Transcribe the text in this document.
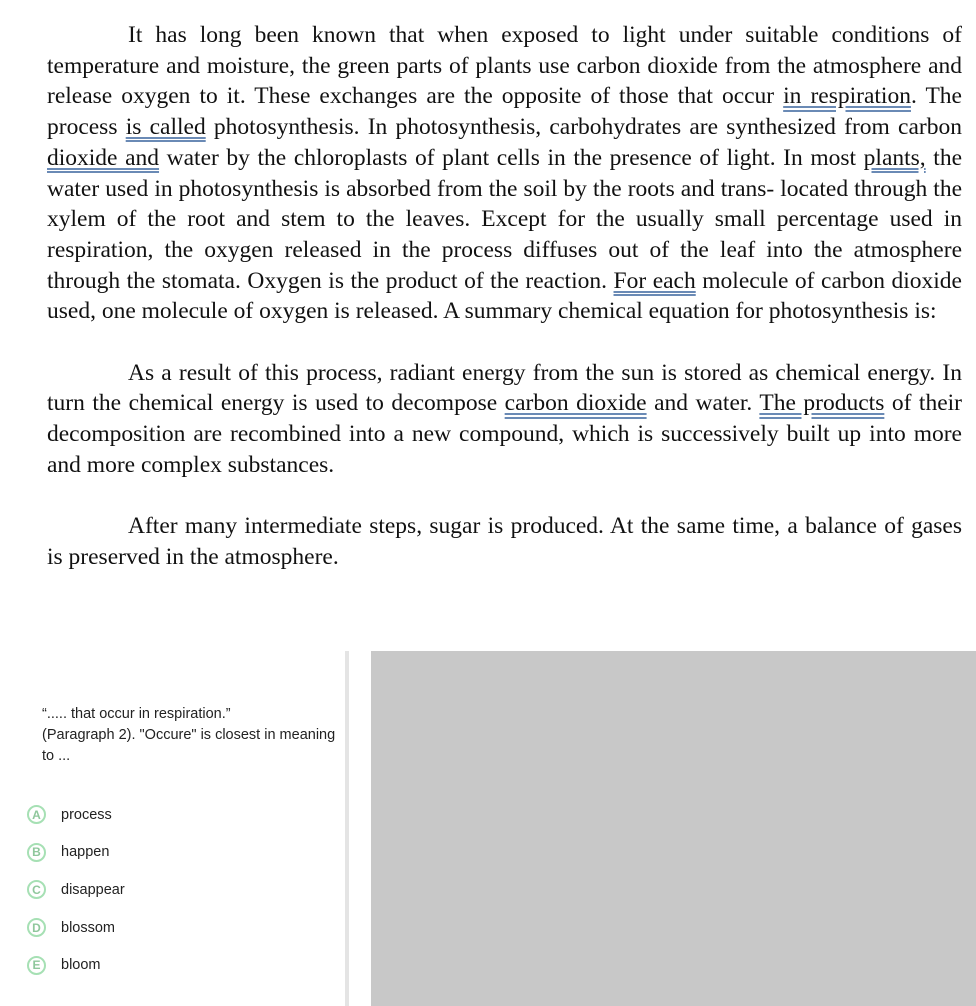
It has long been known that when exposed to light under suitable conditions of temperature and moisture, the green parts of plants use carbon dioxide from the atmosphere and release oxygen to it. These exchanges are the opposite of those that occur in respiration. The process is called photosynthesis. In photosynthesis, carbohydrates are synthesized from carbon dioxide and water by the chloroplasts of plant cells in the presence of light. In most plants, the water used in photosynthesis is absorbed from the soil by the roots and trans- located through the xylem of the root and stem to the leaves. Except for the usually small percentage used in respiration, the oxygen released in the process diffuses out of the leaf into the atmosphere through the stomata. Oxygen is the product of the reaction. For each molecule of carbon dioxide used, one molecule of oxygen is released. A summary chemical equation for photosynthesis is:

As a result of this process, radiant energy from the sun is stored as chemical energy. In turn the chemical energy is used to decompose carbon dioxide and water. The products of their decomposition are recombined into a new compound, which is successively built up into more and more complex substances.

After many intermediate steps, sugar is produced. At the same time, a balance of gases is preserved in the atmosphere.

“..... that occur in respiration.”
(Paragraph 2). "Occure" is closest in meaning to ...
A	process
B	happen
C	disappear
D	blossom
E	bloom
